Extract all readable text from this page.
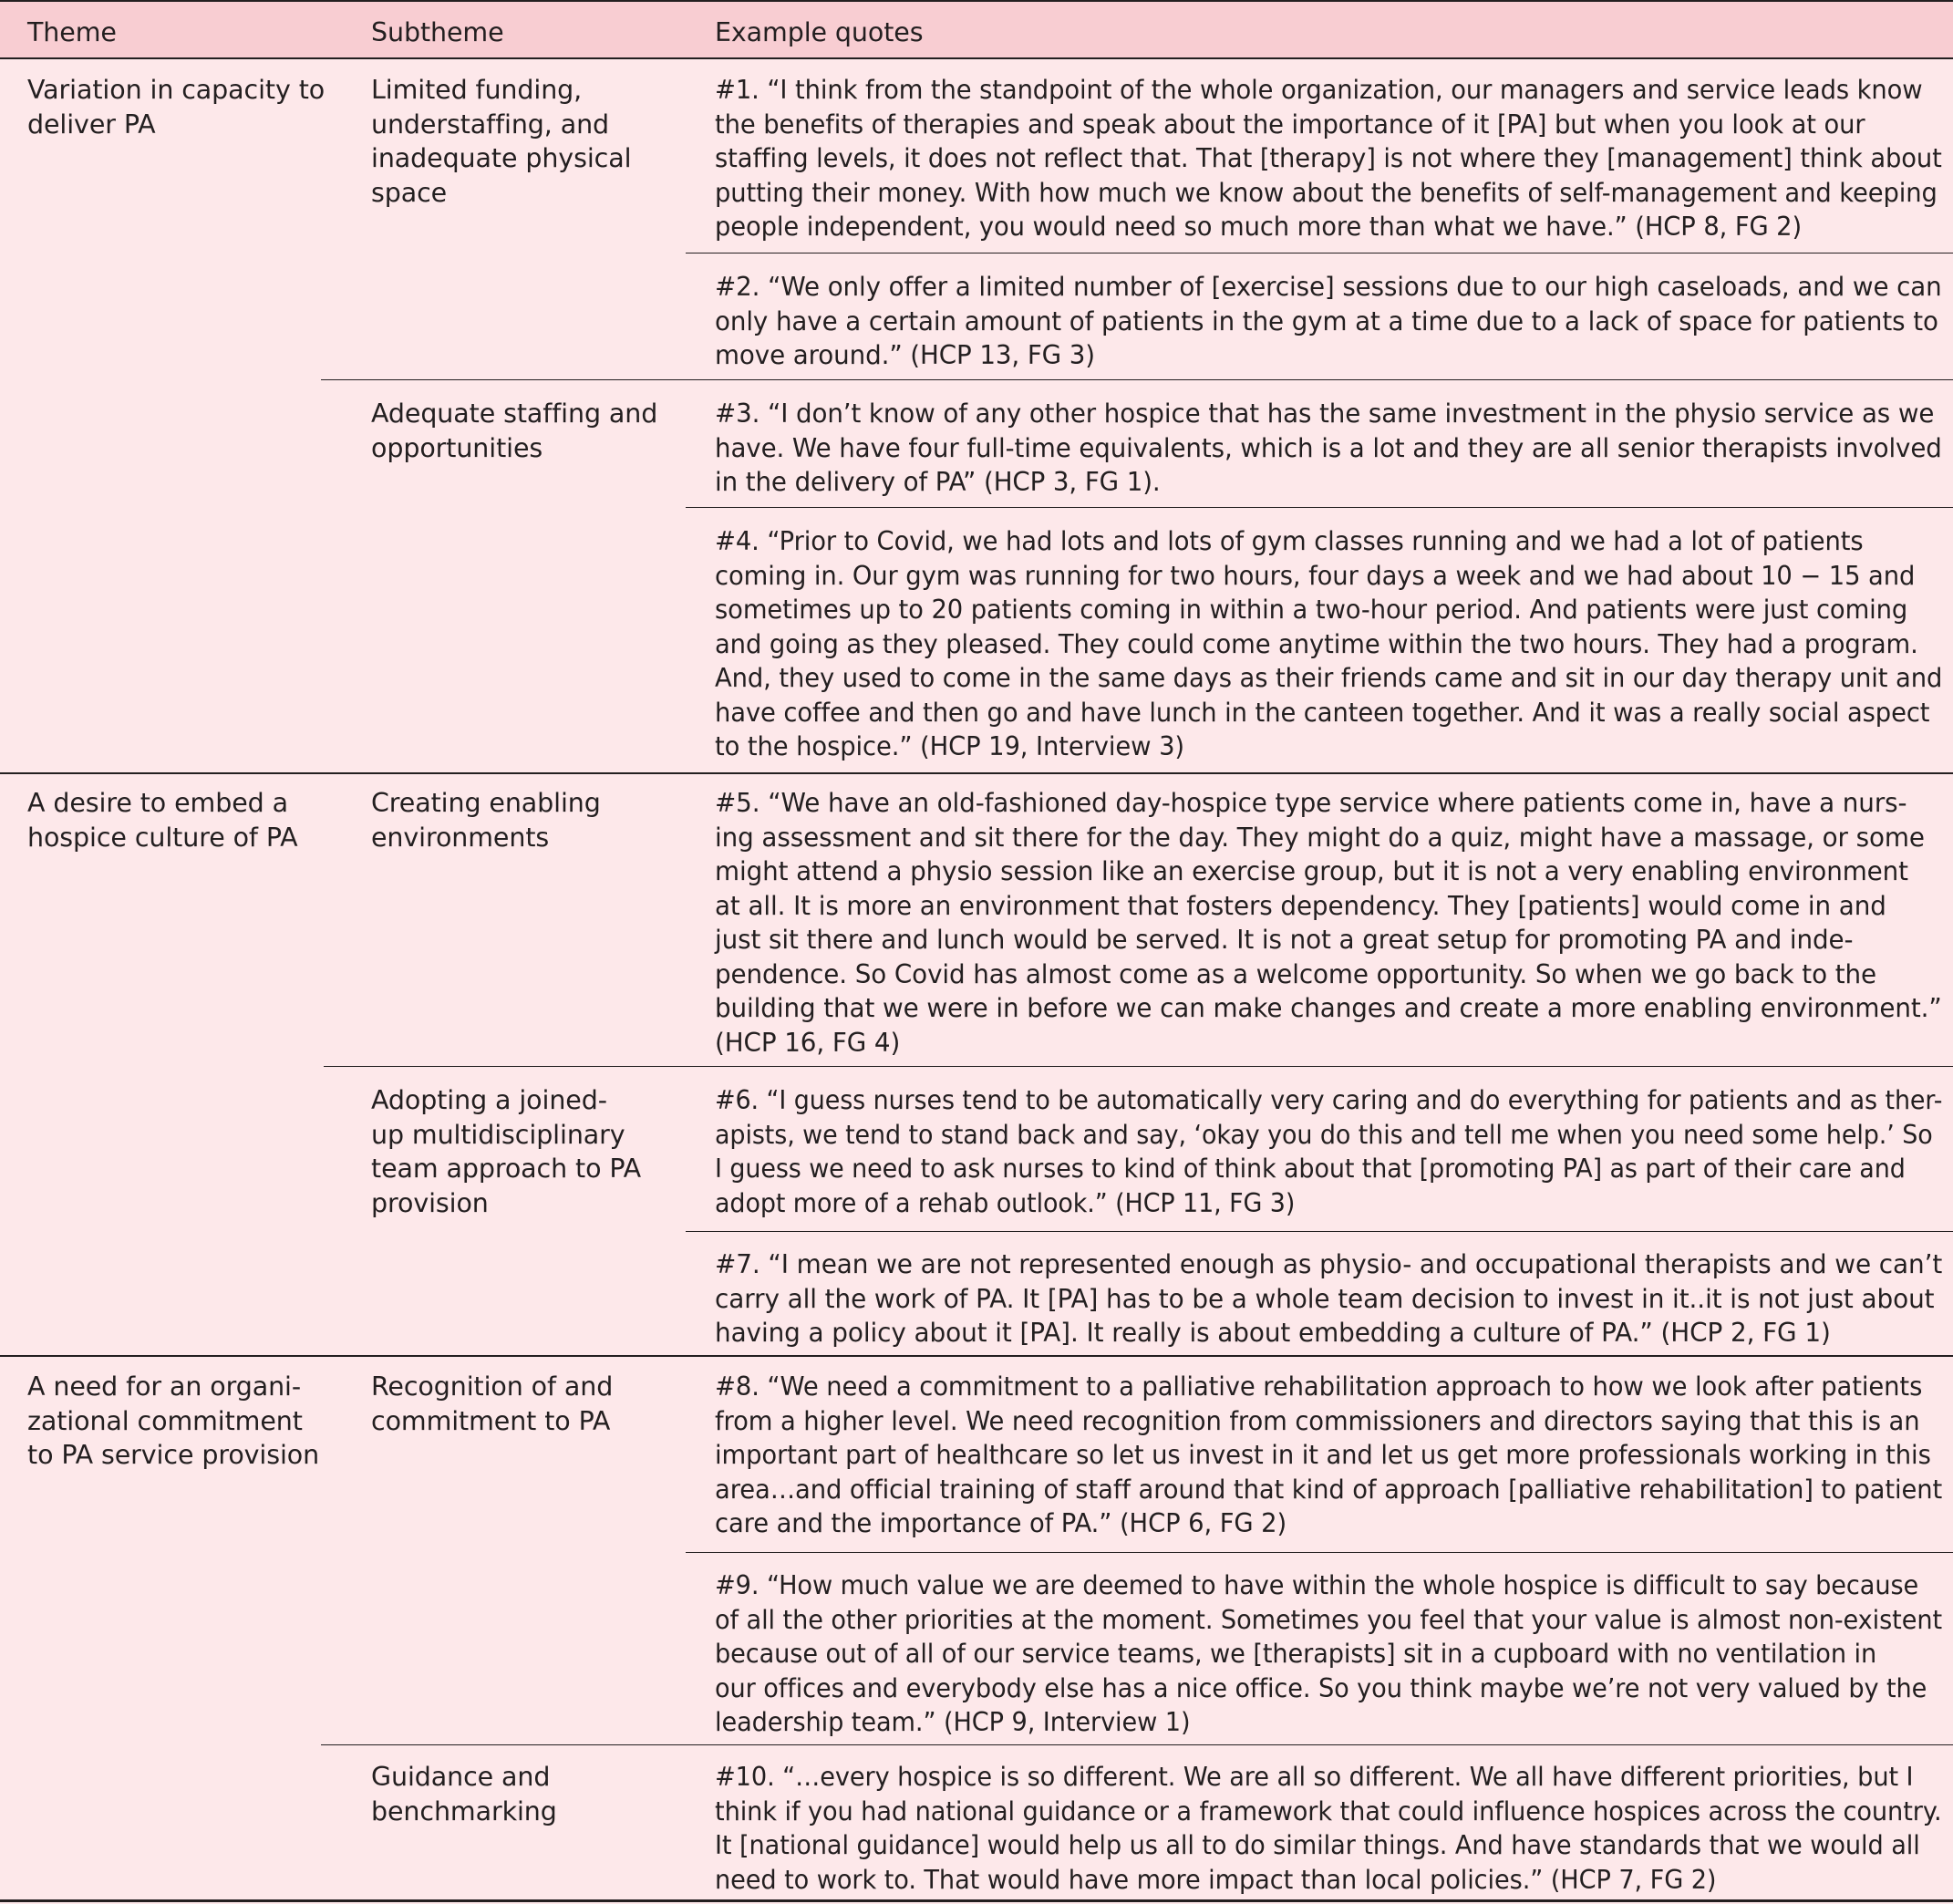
Theme	Subtheme	Example quotes
Variation in capacity to
deliver PA
Limited funding,
understaffing, and
inadequate physical
space
#1. “I think from the standpoint of the whole organization, our managers and service leads know
the benefits of therapies and speak about the importance of it [PA] but when you look at our
staffing levels, it does not reflect that. That [therapy] is not where they [management] think about
putting their money. With how much we know about the benefits of self-management and keeping
people independent, you would need so much more than what we have.” (HCP 8, FG 2)
#2. “We only offer a limited number of [exercise] sessions due to our high caseloads, and we can
only have a certain amount of patients in the gym at a time due to a lack of space for patients to
move around.” (HCP 13, FG 3)
Adequate staffing and
opportunities
#3. “I don’t know of any other hospice that has the same investment in the physio service as we
have. We have four full-time equivalents, which is a lot and they are all senior therapists involved
in the delivery of PA” (HCP 3, FG 1).
#4. “Prior to Covid, we had lots and lots of gym classes running and we had a lot of patients
coming in. Our gym was running for two hours, four days a week and we had about 10 − 15 and
sometimes up to 20 patients coming in within a two-hour period. And patients were just coming
and going as they pleased. They could come anytime within the two hours. They had a program.
And, they used to come in the same days as their friends came and sit in our day therapy unit and
have coffee and then go and have lunch in the canteen together. And it was a really social aspect
to the hospice.” (HCP 19, Interview 3)
A desire to embed a
hospice culture of PA
Creating enabling
environments
#5. “We have an old-fashioned day-hospice type service where patients come in, have a nurs-
ing assessment and sit there for the day. They might do a quiz, might have a massage, or some
might attend a physio session like an exercise group, but it is not a very enabling environment
at all. It is more an environment that fosters dependency. They [patients] would come in and
just sit there and lunch would be served. It is not a great setup for promoting PA and inde-
pendence. So Covid has almost come as a welcome opportunity. So when we go back to the
building that we were in before we can make changes and create a more enabling environment.”
(HCP 16, FG 4)
Adopting a joined-
up multidisciplinary
team approach to PA
provision
#6. “I guess nurses tend to be automatically very caring and do everything for patients and as ther-
apists, we tend to stand back and say, ‘okay you do this and tell me when you need some help.’ So
I guess we need to ask nurses to kind of think about that [promoting PA] as part of their care and
adopt more of a rehab outlook.” (HCP 11, FG 3)
#7. “I mean we are not represented enough as physio- and occupational therapists and we can’t
carry all the work of PA. It [PA] has to be a whole team decision to invest in it..it is not just about
having a policy about it [PA]. It really is about embedding a culture of PA.” (HCP 2, FG 1)
A need for an organi-
zational commitment
to PA service provision
Recognition of and
commitment to PA
#8. “We need a commitment to a palliative rehabilitation approach to how we look after patients
from a higher level. We need recognition from commissioners and directors saying that this is an
important part of healthcare so let us invest in it and let us get more professionals working in this
area…and official training of staff around that kind of approach [palliative rehabilitation] to patient
care and the importance of PA.” (HCP 6, FG 2)
#9. “How much value we are deemed to have within the whole hospice is difficult to say because
of all the other priorities at the moment. Sometimes you feel that your value is almost non-existent
because out of all of our service teams, we [therapists] sit in a cupboard with no ventilation in
our offices and everybody else has a nice office. So you think maybe we’re not very valued by the
leadership team.” (HCP 9, Interview 1)
Guidance and
benchmarking
#10. “…every hospice is so different. We are all so different. We all have different priorities, but I
think if you had national guidance or a framework that could influence hospices across the country.
It [national guidance] would help us all to do similar things. And have standards that we would all
need to work to. That would have more impact than local policies.” (HCP 7, FG 2)
